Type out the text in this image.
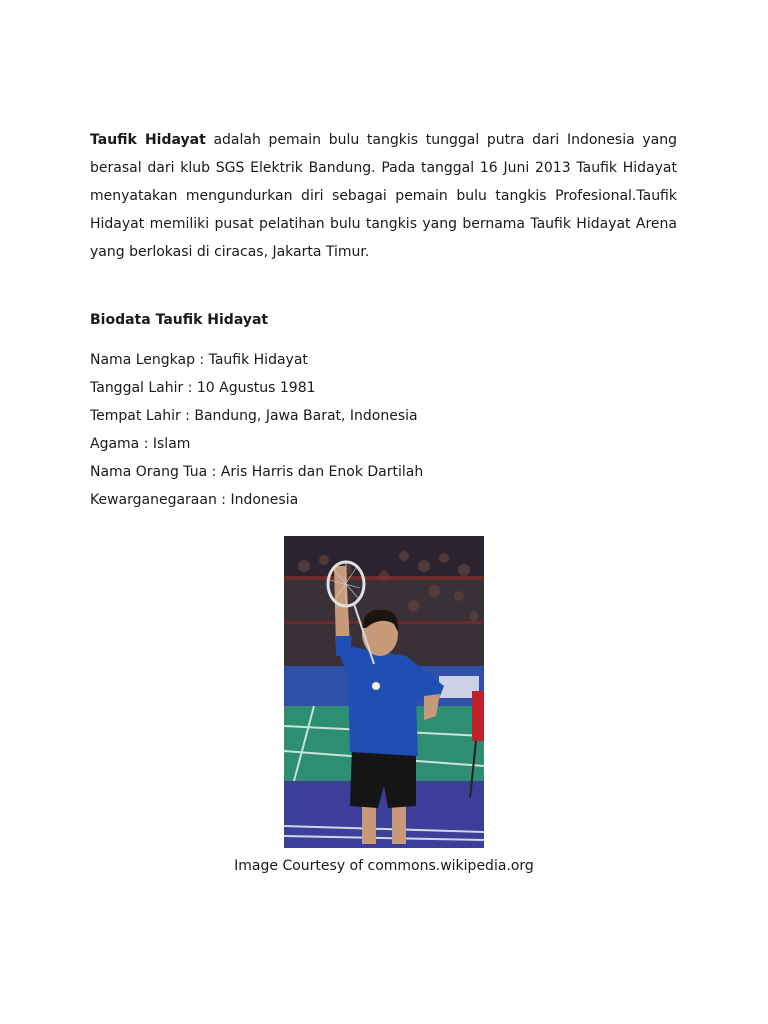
Taufik Hidayat adalah pemain bulu tangkis tunggal putra dari Indonesia yang berasal dari klub SGS Elektrik Bandung. Pada tanggal 16 Juni 2013 Taufik Hidayat menyatakan mengundurkan diri sebagai pemain bulu tangkis Profesional.Taufik Hidayat memiliki pusat pelatihan bulu tangkis yang bernama Taufik Hidayat Arena yang berlokasi di ciracas, Jakarta Timur.

Biodata Taufik Hidayat
Nama Lengkap : Taufik Hidayat
Tanggal Lahir : 10 Agustus 1981
Tempat Lahir : Bandung, Jawa Barat, Indonesia
Agama : Islam
Nama Orang Tua : Aris Harris dan Enok Dartilah
Kewarganegaraan : Indonesia

Image Courtesy of commons.wikipedia.org
